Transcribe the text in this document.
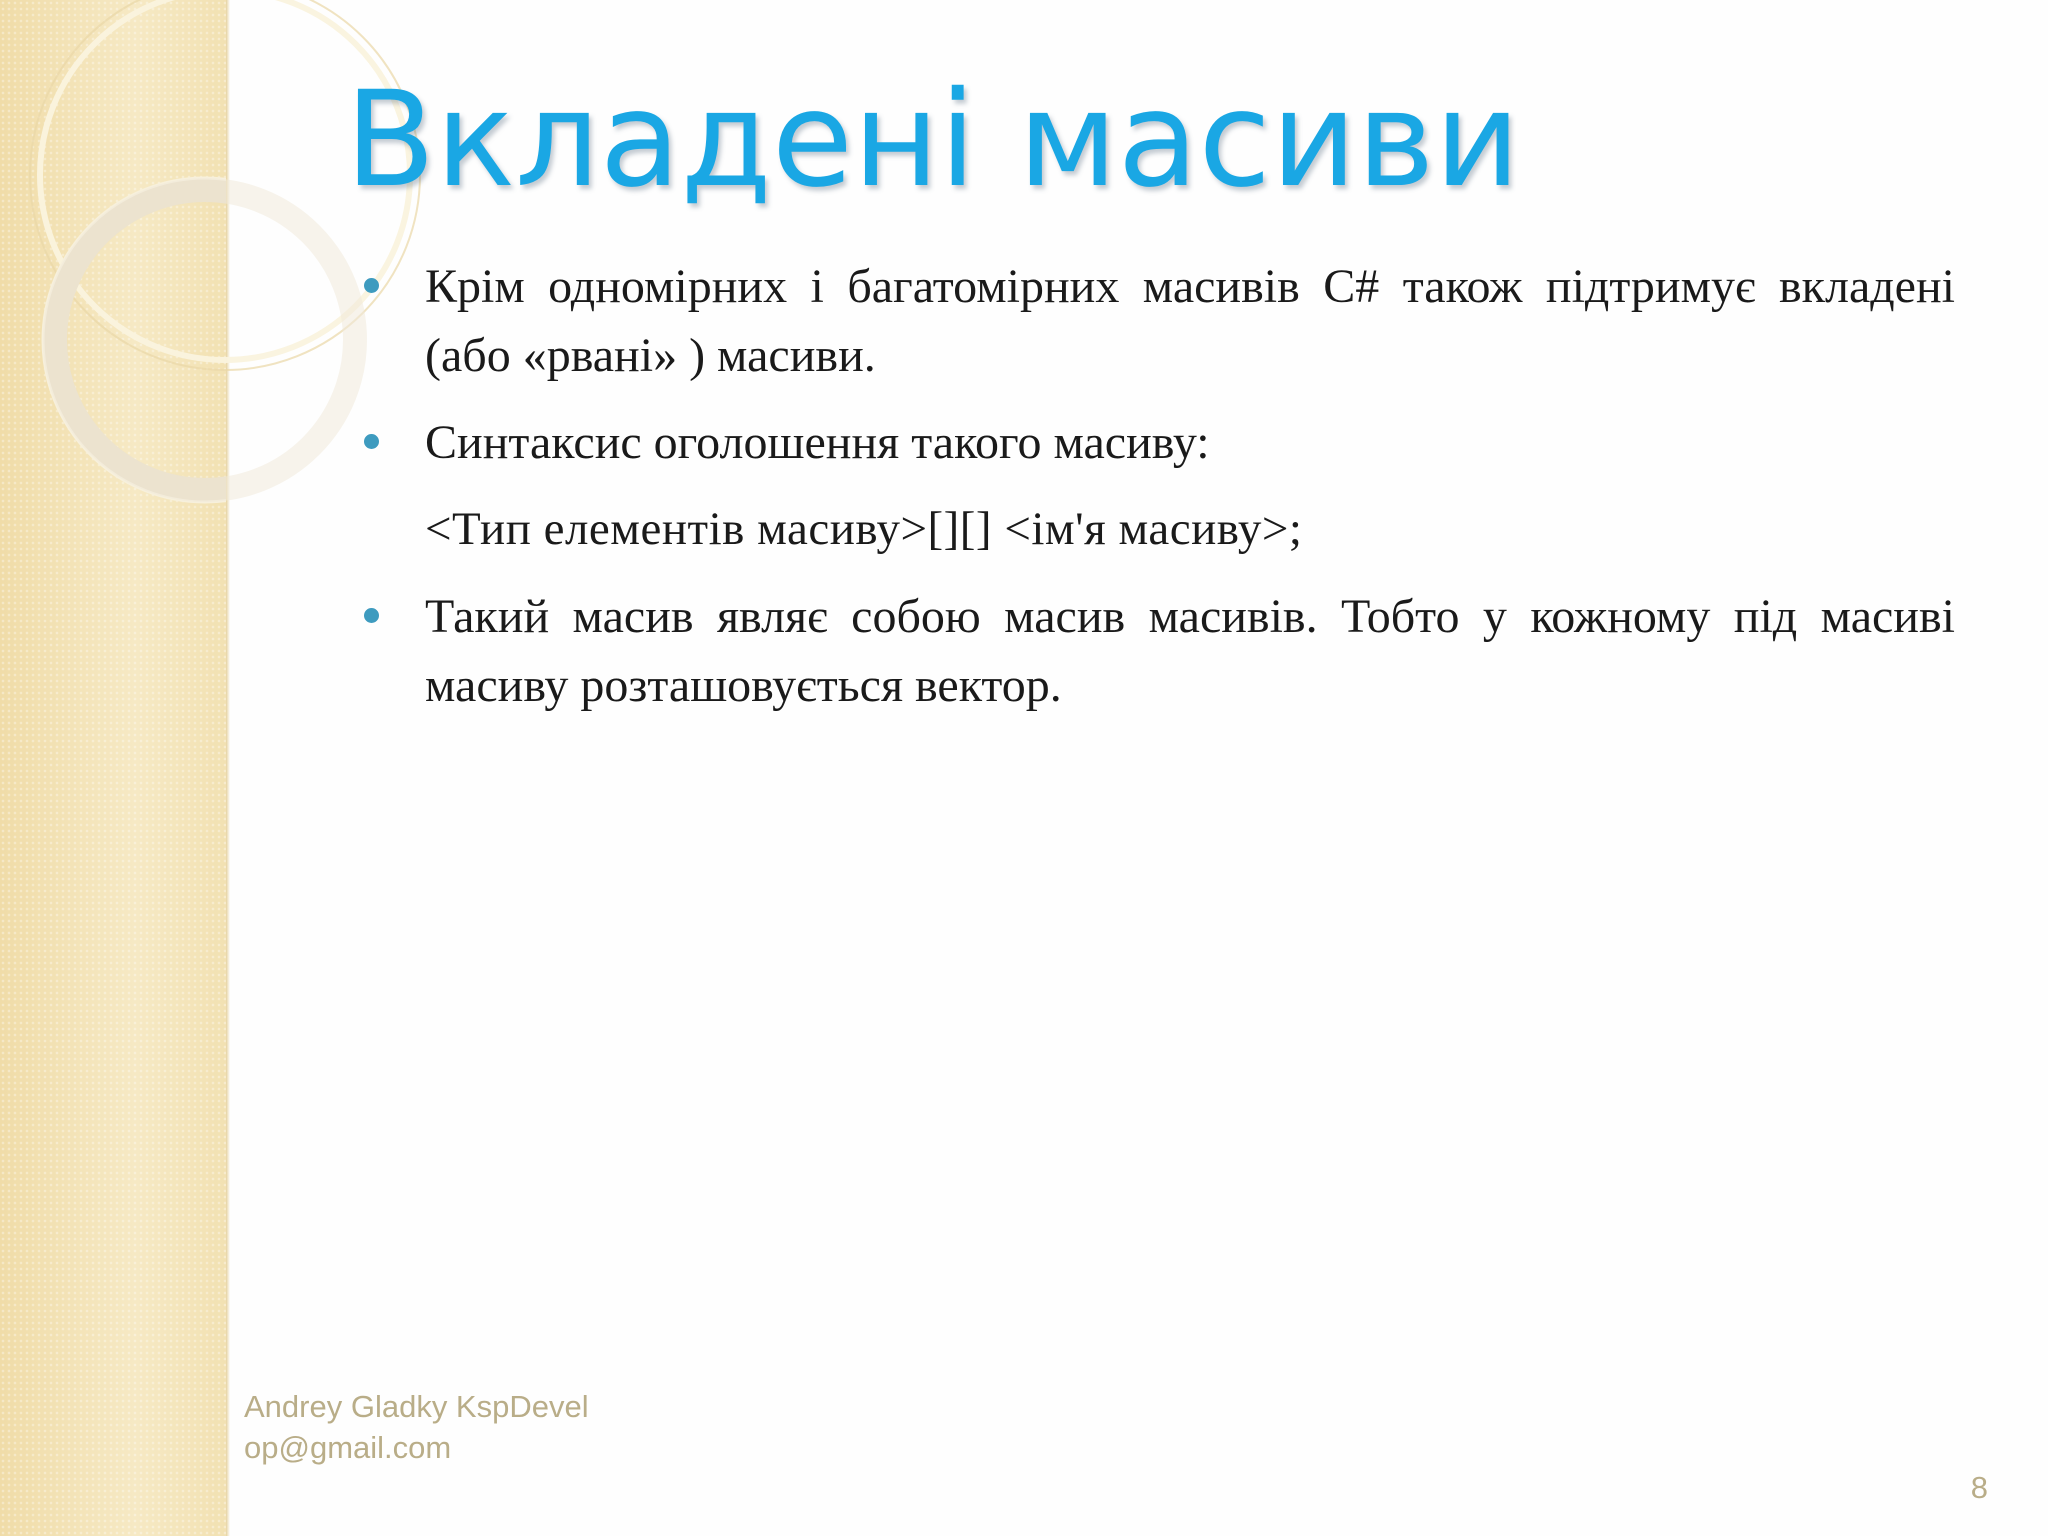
Вкладені масиви
Крім одномірних і багатомірних масивів C# також підтримує вкладені (або «рвані» ) масиви.
Синтаксис оголошення такого масиву:
<Тип елементів масиву>[][] <ім'я масиву>;
Такий масив являє собою масив масивів. Тобто у кожному під масиві масиву розташовується вектор.
Andrey Gladky KspDevelop@gmail.com
8
